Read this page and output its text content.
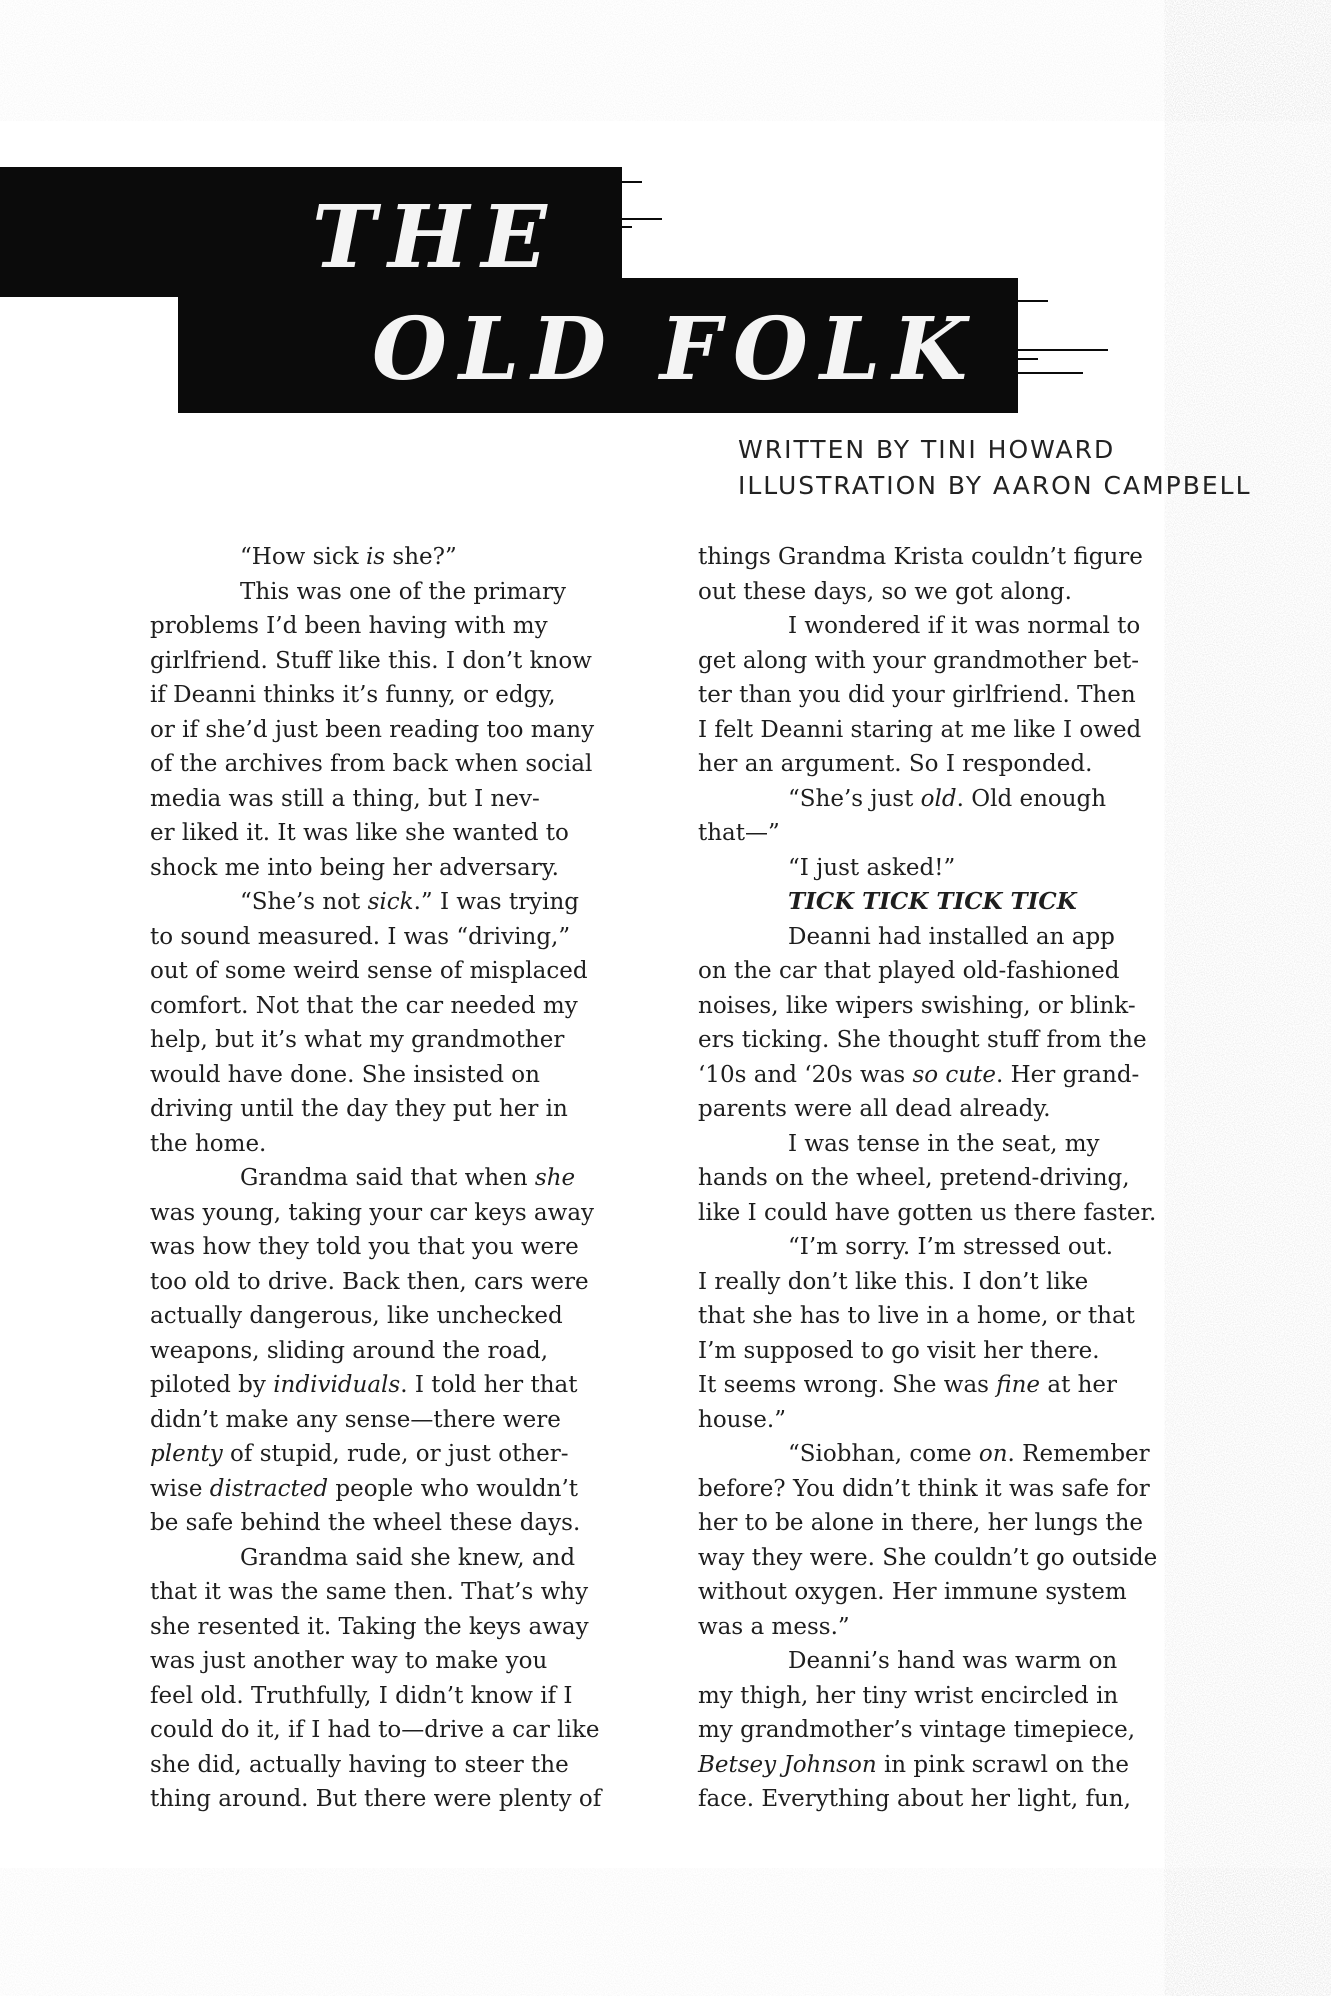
THE
OLD FOLK
WRITTEN BY TINI HOWARD
ILLUSTRATION BY AARON CAMPBELL
“How sick is she?”
This was one of the primary
problems I’d been having with my
girlfriend. Stuff like this. I don’t know
if Deanni thinks it’s funny, or edgy,
or if she’d just been reading too many
of the archives from back when social
media was still a thing, but I nev-
er liked it. It was like she wanted to
shock me into being her adversary.
“She’s not sick.” I was trying
to sound measured. I was “driving,”
out of some weird sense of misplaced
comfort. Not that the car needed my
help, but it’s what my grandmother
would have done. She insisted on
driving until the day they put her in
the home.
Grandma said that when she
was young, taking your car keys away
was how they told you that you were
too old to drive. Back then, cars were
actually dangerous, like unchecked
weapons, sliding around the road,
piloted by individuals. I told her that
didn’t make any sense—there were
plenty of stupid, rude, or just other-
wise distracted people who wouldn’t
be safe behind the wheel these days.
Grandma said she knew, and
that it was the same then. That’s why
she resented it. Taking the keys away
was just another way to make you
feel old. Truthfully, I didn’t know if I
could do it, if I had to—drive a car like
she did, actually having to steer the
thing around. But there were plenty of
things Grandma Krista couldn’t figure
out these days, so we got along.
I wondered if it was normal to
get along with your grandmother bet-
ter than you did your girlfriend. Then
I felt Deanni staring at me like I owed
her an argument. So I responded.
“She’s just old. Old enough
that—”
“I just asked!”
TICK TICK TICK TICK
Deanni had installed an app
on the car that played old-fashioned
noises, like wipers swishing, or blink-
ers ticking. She thought stuff from the
‘10s and ‘20s was so cute. Her grand-
parents were all dead already.
I was tense in the seat, my
hands on the wheel, pretend-driving,
like I could have gotten us there faster.
“I’m sorry. I’m stressed out.
I really don’t like this. I don’t like
that she has to live in a home, or that
I’m supposed to go visit her there.
It seems wrong. She was fine at her
house.”
“Siobhan, come on. Remember
before? You didn’t think it was safe for
her to be alone in there, her lungs the
way they were. She couldn’t go outside
without oxygen. Her immune system
was a mess.”
Deanni’s hand was warm on
my thigh, her tiny wrist encircled in
my grandmother’s vintage timepiece,
Betsey Johnson in pink scrawl on the
face. Everything about her light, fun,
